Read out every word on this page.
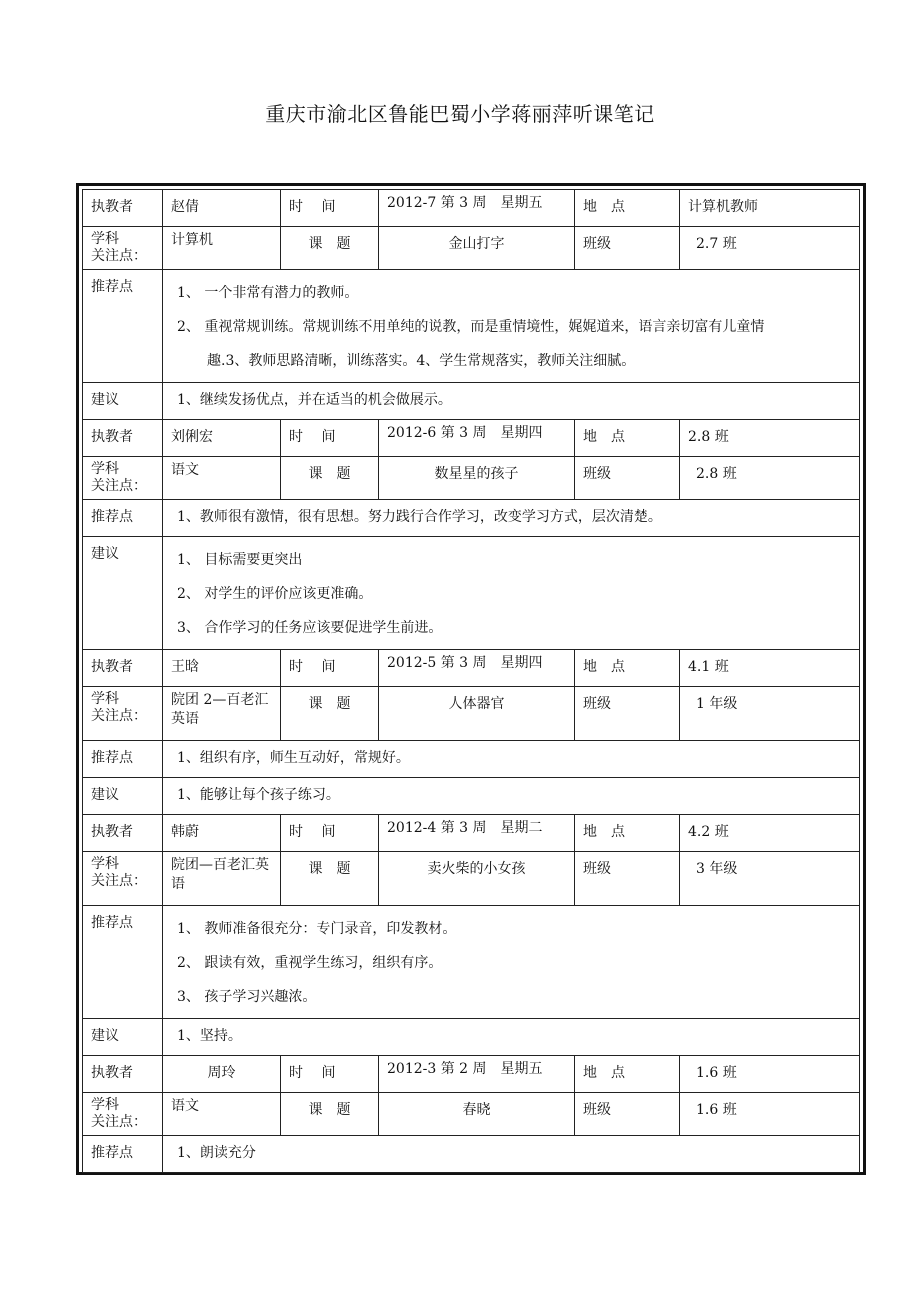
重庆市渝北区鲁能巴蜀小学蒋丽萍听课笔记
执教者	赵倩	时　 间	2012-7 第 3 周　星期五	地　点	计算机教师
学科
关注点：	计算机	课　题	金山打字	班级	2.7 班
推荐点	1、 一个非常有潜力的教师。
2、 重视常规训练。常规训练不用单纯的说教，而是重情境性，娓娓道来，语言亲切富有儿童情
趣.3、教师思路清晰，训练落实。4、学生常规落实，教师关注细腻。				

建议	1、继续发扬优点，并在适当的机会做展示。				
执教者	刘俐宏	时　 间	2012-6 第 3 周　星期四	地　点	2.8 班
学科
关注点：	语文	课　题	数星星的孩子	班级	2.8 班
推荐点	1、教师很有激情，很有思想。努力践行合作学习，改变学习方式，层次清楚。				
建议	1、 目标需要更突出
2、 对学生的评价应该更准确。
3、 合作学习的任务应该要促进学生前进。				

执教者	王晗	时　 间	2012-5 第 3 周　星期四	地　点	4.1 班
学科
关注点：	院团 2—百老汇英语	课　题	人体器官	班级	1 年级
推荐点	1、组织有序，师生互动好，常规好。				
建议	1、能够让每个孩子练习。				
执教者	韩蔚	时　 间	2012-4 第 3 周　星期二	地　点	4.2 班
学科
关注点：	院团—百老汇英语	课　题	卖火柴的小女孩	班级	3 年级
推荐点	1、 教师准备很充分：专门录音，印发教材。
2、 跟读有效，重视学生练习，组织有序。
3、 孩子学习兴趣浓。				

建议	1、坚持。				
执教者	周玲	时　 间	2012-3 第 2 周　星期五	地　点	1.6 班
学科
关注点：	语文	课　题	春晓	班级	1.6 班
推荐点	1、朗读充分				
